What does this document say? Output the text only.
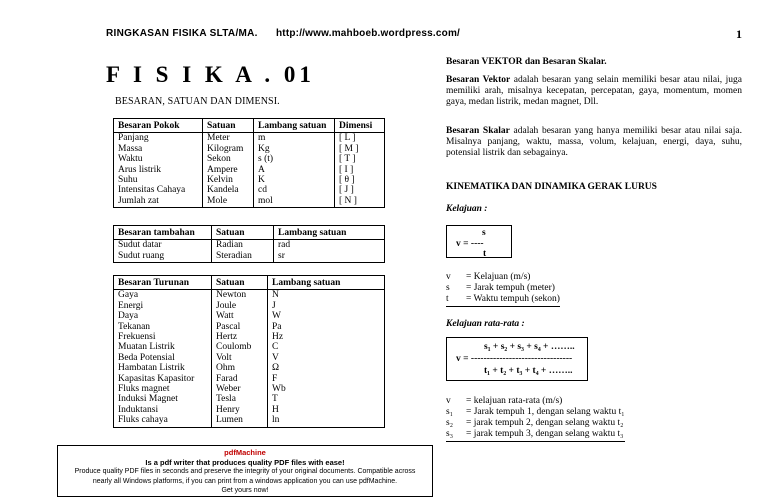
RINGKASAN FISIKA SLTA/MA. http://www.mahboeb.wordpress.com/	1
F I S I K A . 01
BESARAN, SATUAN DAN DIMENSI.
Besaran Pokok	Satuan	Lambang satuan	Dimensi
Panjang	Meter	m	[ L ]
Massa	Kilogram	Kg	[ M ]
Waktu	Sekon	s (t)	[ T ]
Arus listrik	Ampere	A	[ I ]
Suhu	Kelvin	K	[ θ ]
Intensitas Cahaya	Kandela	cd	[ J ]
Jumlah zat	Mole	mol	[ N ]
Besaran tambahan	Satuan	Lambang satuan
Sudut datar	Radian	rad
Sudut ruang	Steradian	sr
Besaran Turunan	Satuan	Lambang satuan
Gaya	Newton	N
Energi	Joule	J
Daya	Watt	W
Tekanan	Pascal	Pa
Frekuensi	Hertz	Hz
Muatan Listrik	Coulomb	C
Beda Potensial	Volt	V
Hambatan Listrik	Ohm	Ω
Kapasitas Kapasitor	Farad	F
Fluks magnet	Weber	Wb
Induksi Magnet	Tesla	T
Induktansi	Henry	H
Fluks cahaya	Lumen	ln
Besaran VEKTOR dan Besaran Skalar.
Besaran Vektor adalah besaran yang selain memiliki besar atau nilai, juga memiliki arah, misalnya kecepatan, percepatan, gaya, momentum, momen gaya, medan listrik, medan magnet, Dll.
Besaran Skalar adalah besaran yang hanya memiliki besar atau nilai saja. Misalnya panjang, waktu, massa, volum, kelajuan, energi, daya, suhu, potensial listrik dan sebagainya.
KINEMATIKA DAN DINAMIKA GERAK LURUS
Kelajuan :
s
v = ----
t
v	= Kelajuan (m/s)
s	= Jarak tempuh (meter)
t	= Waktu tempuh (sekon)
Kelajuan rata-rata :
s₁ + s₂ + s₃ + s₄ + ……..
v = --------------------------------
t₁ + t₂ + t₃ + t₄ + ……..
v	= kelajuan rata-rata (m/s)
s₁	= Jarak tempuh 1, dengan selang waktu t₁
s₂	= jarak tempuh 2, dengan selang waktu t₂
s₃	= jarak tempuh 3, dengan selang waktu t₃
pdfMachine
Is a pdf writer that produces quality PDF files with ease!
Produce quality PDF files in seconds and preserve the integrity of your original documents. Compatible across
nearly all Windows platforms, if you can print from a windows application you can use pdfMachine.
Get yours now!
